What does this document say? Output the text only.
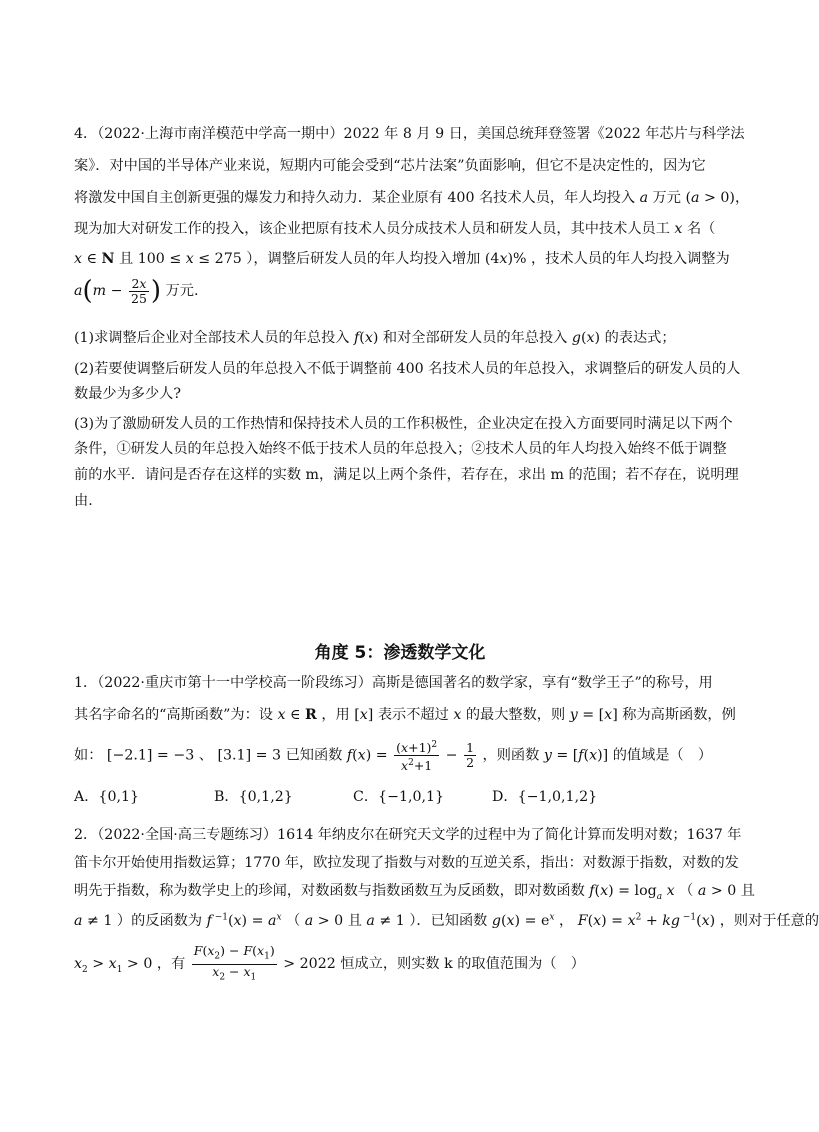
4．（2022·上海市南洋模范中学高一期中）2022 年 8 月 9 日，美国总统拜登签署《2022 年芯片与科学法
案》．对中国的半导体产业来说，短期内可能会受到“芯片法案”负面影响，但它不是决定性的，因为它
将激发中国自主创新更强的爆发力和持久动力．某企业原有 400 名技术人员，年人均投入 a 万元 (a > 0)，
现为加大对研发工作的投入，该企业把原有技术人员分成技术人员和研发人员，其中技术人员工 x 名（
x ∈ N 且 100 ≤ x ≤ 275 ），调整后研发人员的年人均投入增加 (4x)% ，技术人员的年人均投入调整为
$a(m - \frac{2x}{25}$ ) 万元.
(1)求调整后企业对全部技术人员的年总投入 f(x) 和对全部研发人员的年总投入 g(x) 的表达式；
(2)若要使调整后研发人员的年总投入不低于调整前 400 名技术人员的年总投入，求调整后的研发人员的人
数最少为多少人?
(3)为了激励研发人员的工作热情和保持技术人员的工作积极性，企业决定在投入方面要同时满足以下两个
条件，①研发人员的年总投入始终不低于技术人员的年总投入；②技术人员的年人均投入始终不低于调整
前的水平．请问是否存在这样的实数 m，满足以上两个条件，若存在，求出 m 的范围；若不存在，说明理
由.
角度 5：渗透数学文化
1．（2022·重庆市第十一中学校高一阶段练习）高斯是德国著名的数学家，享有“数学王子”的称号，用
其名字命名的“高斯函数”为：设 x ∈ R ，用 [x] 表示不超过 x 的最大整数，则 y = [x] 称为高斯函数，例
如： [−2.1] = −3 、 [3.1] = 3 已知函数 $f(x) = \frac{(x+1)^2}{x^2+1} - \frac{1}{2}$ ，则函数 y = [f(x)] 的值域是（　）
A．{0,1}	B．{0,1,2}	C．{−1,0,1}	D．{−1,0,1,2}
2．（2022·全国·高三专题练习）1614 年纳皮尔在研究天文学的过程中为了简化计算而发明对数；1637 年
笛卡尔开始使用指数运算；1770 年，欧拉发现了指数与对数的互逆关系，指出：对数源于指数，对数的发
明先于指数，称为数学史上的珍闻，对数函数与指数函数互为反函数，即对数函数 $f(x) = \log_a x$ （ a > 0 且
a ≠ 1 ）的反函数为 f $^{-1}(x) = a^x$ （ a > 0 且 a ≠ 1 ）．已知函数 $g(x) = e^x$ ， $F(x) = x^2$ + kg $^{-1}$(x) ，则对于任意的
$x_2 > x_1 > 0$ ，有 $\frac{F(x_2) - F(x_1)}{x_2 - x_1} > 2022$ 恒成立，则实数 k 的取值范围为（　）
